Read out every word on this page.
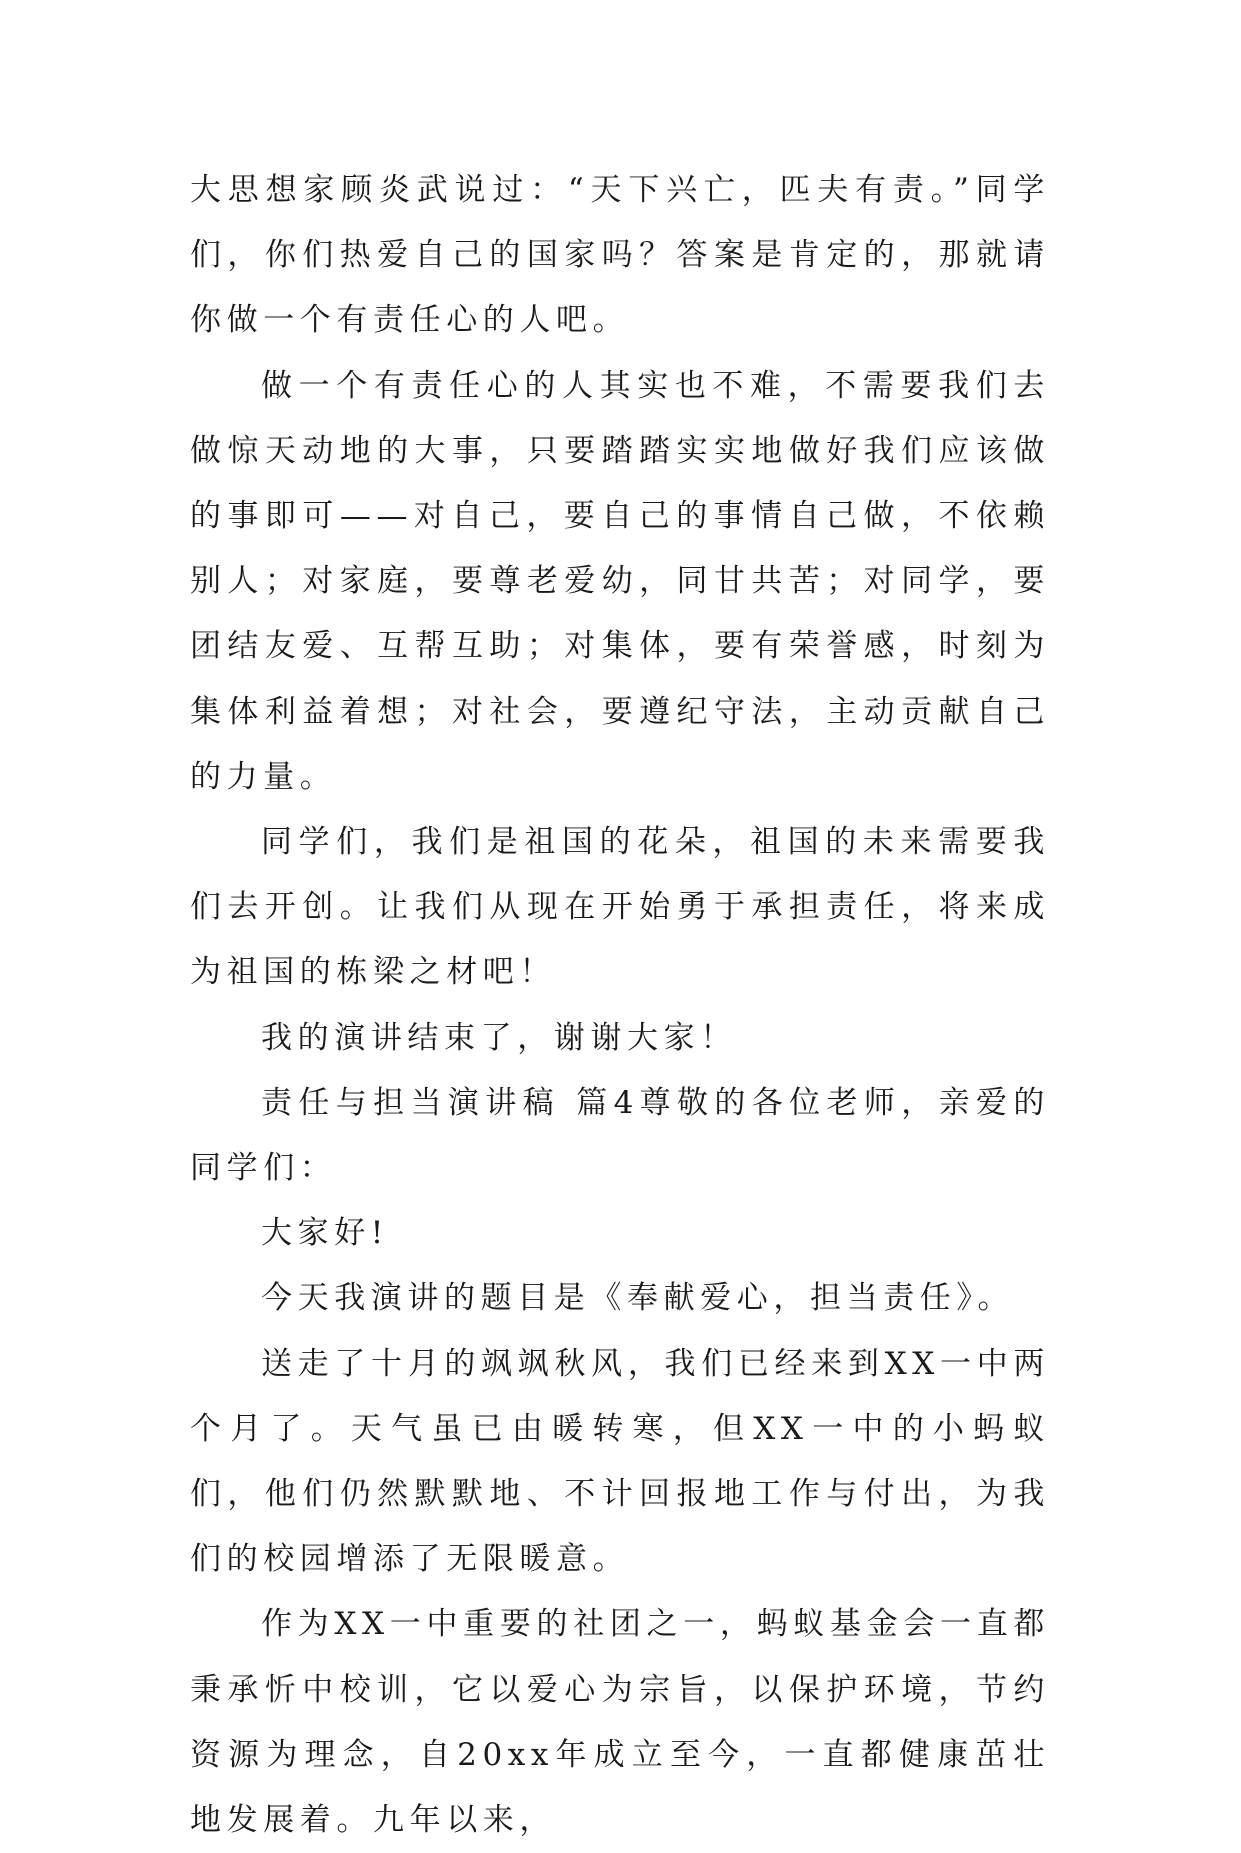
大思想家顾炎武说过：“天下兴亡，匹夫有责。”同学们，你们热爱自己的国家吗？答案是肯定的，那就请你做一个有责任心的人吧。

做一个有责任心的人其实也不难，不需要我们去做惊天动地的大事，只要踏踏实实地做好我们应该做的事即可——对自己，要自己的事情自己做，不依赖别人；对家庭，要尊老爱幼，同甘共苦；对同学，要团结友爱、互帮互助；对集体，要有荣誉感，时刻为集体利益着想；对社会，要遵纪守法，主动贡献自己的力量。

同学们，我们是祖国的花朵，祖国的未来需要我们去开创。让我们从现在开始勇于承担责任，将来成为祖国的栋梁之材吧！

我的演讲结束了，谢谢大家！

责任与担当演讲稿 篇4尊敬的各位老师，亲爱的同学们：

大家好!

今天我演讲的题目是《奉献爱心，担当责任》。

送走了十月的飒飒秋风，我们已经来到XX一中两个月了。天气虽已由暖转寒，但XX一中的小蚂蚁们，他们仍然默默地、不计回报地工作与付出，为我们的校园增添了无限暖意。

作为XX一中重要的社团之一，蚂蚁基金会一直都秉承忻中校训，它以爱心为宗旨，以保护环境，节约资源为理念，自20xx年成立至今，一直都健康茁壮地发展着。九年以来，
